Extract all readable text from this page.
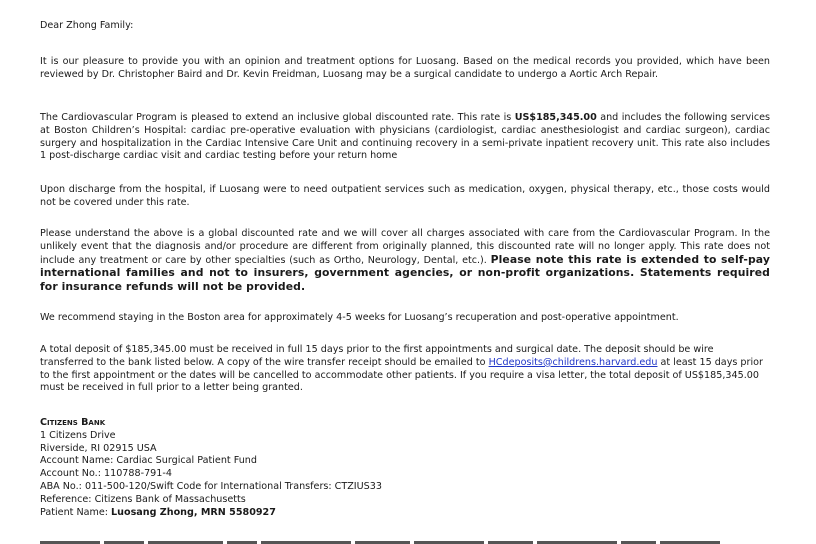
Dear Zhong Family:

It is our pleasure to provide you with an opinion and treatment options for Luosang. Based on the medical records you provided, which have been reviewed by Dr. Christopher Baird and Dr. Kevin Freidman, Luosang may be a surgical candidate to undergo a Aortic Arch Repair.

The Cardiovascular Program is pleased to extend an inclusive global discounted rate. This rate is US$185,345.00 and includes the following services at Boston Children’s Hospital: cardiac pre-operative evaluation with physicians (cardiologist, cardiac anesthesiologist and cardiac surgeon), cardiac surgery and hospitalization in the Cardiac Intensive Care Unit and continuing recovery in a semi-private inpatient recovery unit. This rate also includes 1 post-discharge cardiac visit and cardiac testing before your return home

Upon discharge from the hospital, if Luosang were to need outpatient services such as medication, oxygen, physical therapy, etc., those costs would not be covered under this rate.

Please understand the above is a global discounted rate and we will cover all charges associated with care from the Cardiovascular Program. In the unlikely event that the diagnosis and/or procedure are different from originally planned, this discounted rate will no longer apply. This rate does not include any treatment or care by other specialties (such as Ortho, Neurology, Dental, etc.). Please note this rate is extended to self-pay international families and not to insurers, government agencies, or non-profit organizations. Statements required for insurance refunds will not be provided.

We recommend staying in the Boston area for approximately 4-5 weeks for Luosang’s recuperation and post-operative appointment.

A total deposit of $185,345.00 must be received in full 15 days prior to the first appointments and surgical date. The deposit should be wire transferred to the bank listed below. A copy of the wire transfer receipt should be emailed to HCdeposits@childrens.harvard.edu at least 15 days prior to the first appointment or the dates will be cancelled to accommodate other patients. If you require a visa letter, the total deposit of US$185,345.00 must be received in full prior to a letter being granted.

Citizens Bank
1 Citizens Drive
Riverside, RI 02915 USA
Account Name: Cardiac Surgical Patient Fund
Account No.: 110788-791-4
ABA No.: 011-500-120/Swift Code for International Transfers: CTZIUS33
Reference: Citizens Bank of Massachusetts
Patient Name: Luosang Zhong, MRN 5580927
